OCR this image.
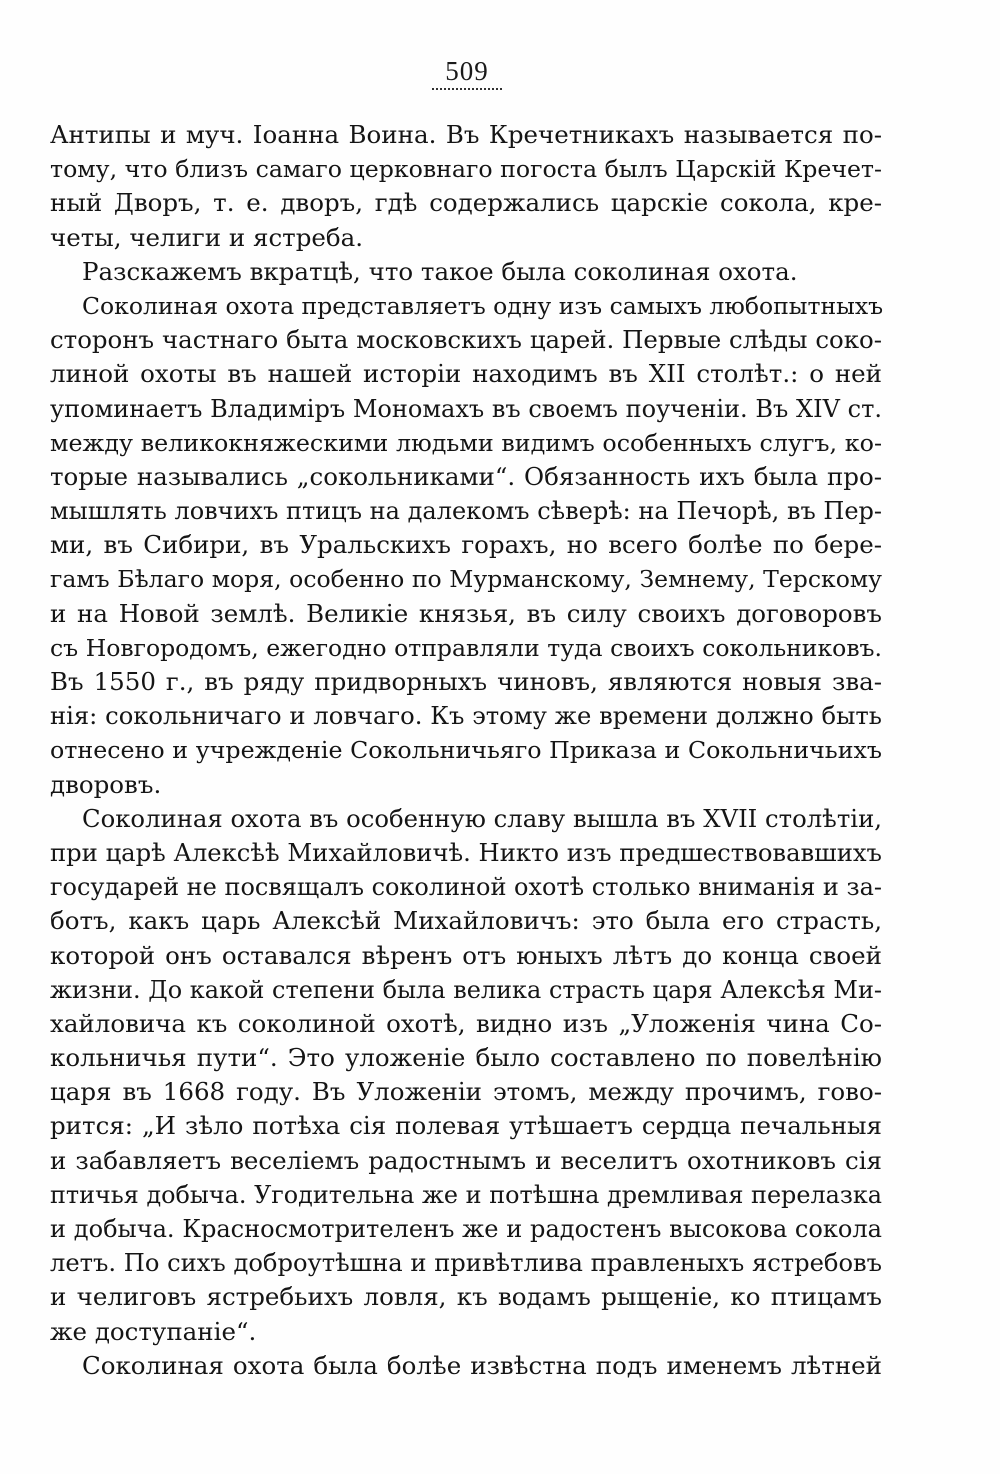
509
Антипы и муч. Іоанна Воина. Въ Кречетникахъ называется по-
тому, что близъ самаго церковнаго погоста былъ Царскій Кречет-
ный Дворъ, т. е. дворъ, гдѣ содержались царскіе сокола, кре-
четы, челиги и ястреба.
Разскажемъ вкратцѣ, что такое была соколиная охота.
Соколиная охота представляетъ одну изъ самыхъ любопытныхъ
сторонъ частнаго быта московскихъ царей. Первые слѣды соко-
линой охоты въ нашей исторіи находимъ въ XII столѣт.: о ней
упоминаетъ Владиміръ Мономахъ въ своемъ поученіи. Въ XIV ст.
между великокняжескими людьми видимъ особенныхъ слугъ, ко-
торые назывались „сокольниками“. Обязанность ихъ была про-
мышлять ловчихъ птицъ на далекомъ сѣверѣ: на Печорѣ, въ Пер-
ми, въ Сибири, въ Уральскихъ горахъ, но всего болѣе по бере-
гамъ Бѣлаго моря, особенно по Мурманскому, Земнему, Терскому
и на Новой землѣ. Великіе князья, въ силу своихъ договоровъ
съ Новгородомъ, ежегодно отправляли туда своихъ сокольниковъ.
Въ 1550 г., въ ряду придворныхъ чиновъ, являются новыя зва-
нія: сокольничаго и ловчаго. Къ этому же времени должно быть
отнесено и учрежденіе Сокольничьяго Приказа и Сокольничьихъ
дворовъ.
Соколиная охота въ особенную славу вышла въ XVII столѣтіи,
при царѣ Алексѣѣ Михайловичѣ. Никто изъ предшествовавшихъ
государей не посвящалъ соколиной охотѣ столько вниманія и за-
ботъ, какъ царь Алексѣй Михайловичъ: это была его страсть,
которой онъ оставался вѣренъ отъ юныхъ лѣтъ до конца своей
жизни. До какой степени была велика страсть царя Алексѣя Ми-
хайловича къ соколиной охотѣ, видно изъ „Уложенія чина Со-
кольничья пути“. Это уложеніе было составлено по повелѣнію
царя въ 1668 году. Въ Уложеніи этомъ, между прочимъ, гово-
рится: „И зѣло потѣха сія полевая утѣшаетъ сердца печальныя
и забавляетъ веселіемъ радостнымъ и веселитъ охотниковъ сія
птичья добыча. Угодительна же и потѣшна дремливая перелазка
и добыча. Красносмотрителенъ же и радостенъ высокова сокола
летъ. По сихъ доброутѣшна и привѣтлива правленыхъ ястребовъ
и челиговъ ястребьихъ ловля, къ водамъ рыщеніе, ко птицамъ
же доступаніе“.
Соколиная охота была болѣе извѣстна подъ именемъ лѣтней
